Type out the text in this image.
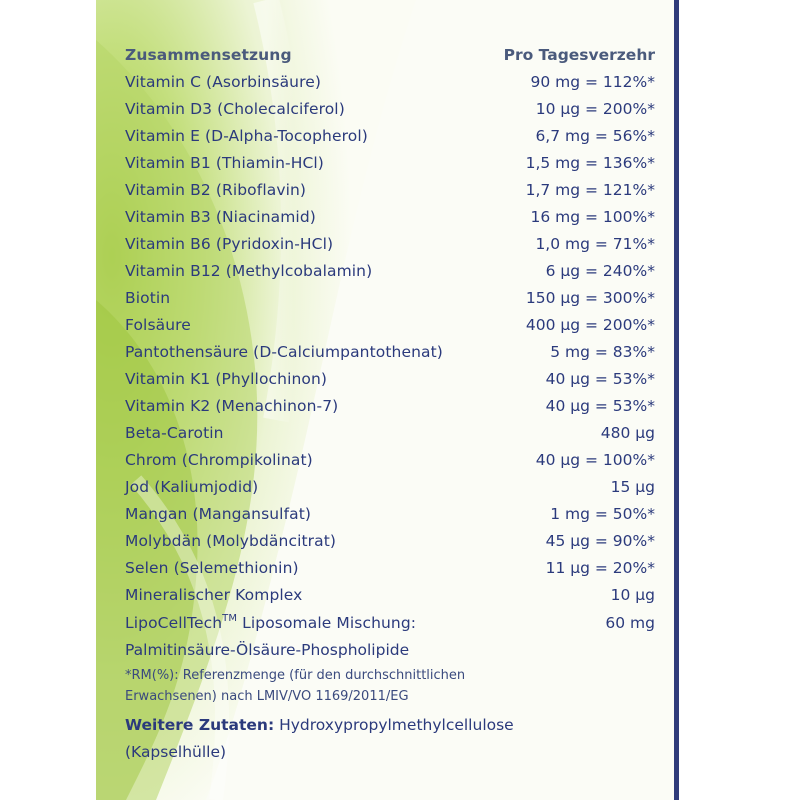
Zusammensetzung	Pro Tagesverzehr
Vitamin C (Asorbinsäure)	90 mg = 112%*
Vitamin D3 (Cholecalciferol)	10 µg = 200%*
Vitamin E (D-Alpha-Tocopherol)	6,7 mg = 56%*
Vitamin B1 (Thiamin-HCl)	1,5 mg = 136%*
Vitamin B2 (Riboflavin)	1,7 mg = 121%*
Vitamin B3 (Niacinamid)	16 mg = 100%*
Vitamin B6 (Pyridoxin-HCl)	1,0 mg = 71%*
Vitamin B12 (Methylcobalamin)	6 µg = 240%*
Biotin	150 µg = 300%*
Folsäure	400 µg = 200%*
Pantothensäure (D-Calciumpantothenat)	5 mg = 83%*
Vitamin K1 (Phyllochinon)	40 µg = 53%*
Vitamin K2 (Menachinon-7)	40 µg = 53%*
Beta-Carotin	480 µg
Chrom (Chrompikolinat)	40 µg = 100%*
Jod (Kaliumjodid)	15 µg
Mangan (Mangansulfat)	1 mg = 50%*
Molybdän (Molybdäncitrat)	45 µg = 90%*
Selen (Selemethionin)	11 µg = 20%*
Mineralischer Komplex	10 µg
LipoCellTech™ Liposomale Mischung:	60 mg
Palmitinsäure-Ölsäure-Phospholipide
*RM(%): Referenzmenge (für den durchschnittlichen
Erwachsenen) nach LMIV/VO 1169/2011/EG
Weitere Zutaten: Hydroxypropylmethylcellulose
(Kapselhülle)
